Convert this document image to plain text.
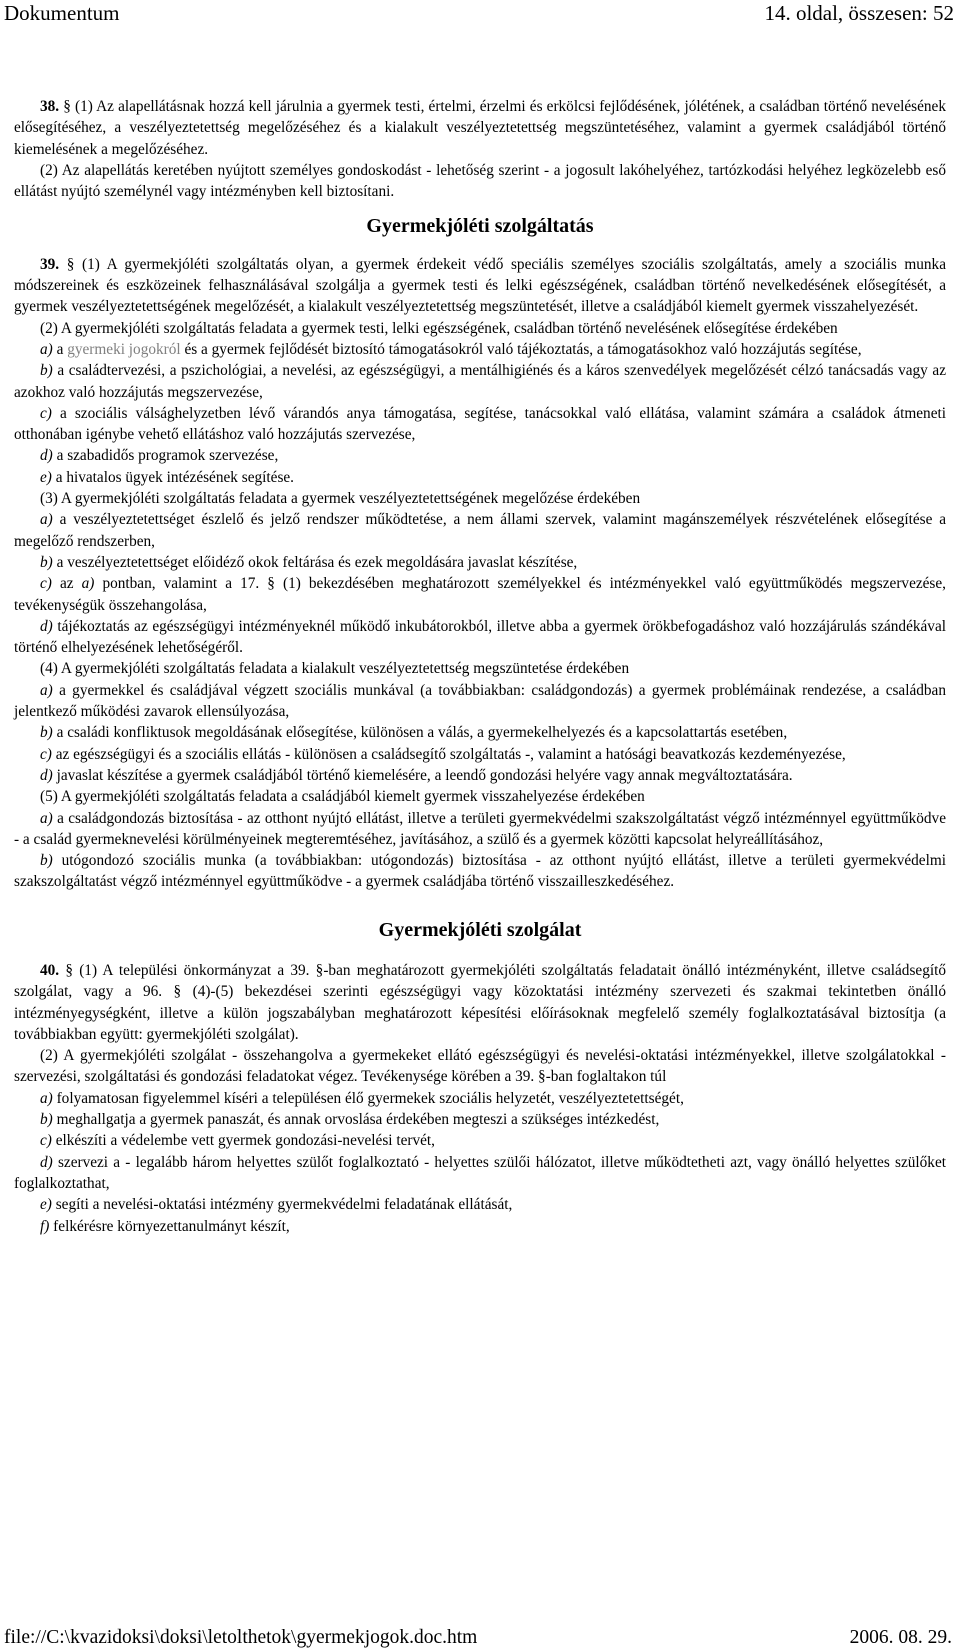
Dokumentum	14. oldal, összesen: 52

38. § (1) Az alapellátásnak hozzá kell járulnia a gyermek testi, értelmi, érzelmi és erkölcsi fejlődésének, jólétének, a családban történő nevelésének elősegítéséhez, a veszélyeztetettség megelőzéséhez és a kialakult veszélyeztetettség megszüntetéséhez, valamint a gyermek családjából történő kiemelésének a megelőzéséhez.

(2) Az alapellátás keretében nyújtott személyes gondoskodást - lehetőség szerint - a jogosult lakóhelyéhez, tartózkodási helyéhez legközelebb eső ellátást nyújtó személynél vagy intézményben kell biztosítani.

Gyermekjóléti szolgáltatás

39. § (1) A gyermekjóléti szolgáltatás olyan, a gyermek érdekeit védő speciális személyes szociális szolgáltatás, amely a szociális munka módszereinek és eszközeinek felhasználásával szolgálja a gyermek testi és lelki egészségének, családban történő nevelkedésének elősegítését, a gyermek veszélyeztetettségének megelőzését, a kialakult veszélyeztetettség megszüntetését, illetve a családjából kiemelt gyermek visszahelyezését.

(2) A gyermekjóléti szolgáltatás feladata a gyermek testi, lelki egészségének, családban történő nevelésének elősegítése érdekében

a) a gyermeki jogokról és a gyermek fejlődését biztosító támogatásokról való tájékoztatás, a támogatásokhoz való hozzájutás segítése,

b) a családtervezési, a pszichológiai, a nevelési, az egészségügyi, a mentálhigiénés és a káros szenvedélyek megelőzését célzó tanácsadás vagy az azokhoz való hozzájutás megszervezése,

c) a szociális válsághelyzetben lévő várandós anya támogatása, segítése, tanácsokkal való ellátása, valamint számára a családok átmeneti otthonában igénybe vehető ellátáshoz való hozzájutás szervezése,

d) a szabadidős programok szervezése,

e) a hivatalos ügyek intézésének segítése.

(3) A gyermekjóléti szolgáltatás feladata a gyermek veszélyeztetettségének megelőzése érdekében

a) a veszélyeztetettséget észlelő és jelző rendszer működtetése, a nem állami szervek, valamint magánszemélyek részvételének elősegítése a megelőző rendszerben,

b) a veszélyeztetettséget előidéző okok feltárása és ezek megoldására javaslat készítése,

c) az a) pontban, valamint a 17. § (1) bekezdésében meghatározott személyekkel és intézményekkel való együttműködés megszervezése, tevékenységük összehangolása,

d) tájékoztatás az egészségügyi intézményeknél működő inkubátorokból, illetve abba a gyermek örökbefogadáshoz való hozzájárulás szándékával történő elhelyezésének lehetőségéről.

(4) A gyermekjóléti szolgáltatás feladata a kialakult veszélyeztetettség megszüntetése érdekében

a) a gyermekkel és családjával végzett szociális munkával (a továbbiakban: családgondozás) a gyermek problémáinak rendezése, a családban jelentkező működési zavarok ellensúlyozása,

b) a családi konfliktusok megoldásának elősegítése, különösen a válás, a gyermekelhelyezés és a kapcsolattartás esetében,

c) az egészségügyi és a szociális ellátás - különösen a családsegítő szolgáltatás -, valamint a hatósági beavatkozás kezdeményezése,

d) javaslat készítése a gyermek családjából történő kiemelésére, a leendő gondozási helyére vagy annak megváltoztatására.

(5) A gyermekjóléti szolgáltatás feladata a családjából kiemelt gyermek visszahelyezése érdekében

a) a családgondozás biztosítása - az otthont nyújtó ellátást, illetve a területi gyermekvédelmi szakszolgáltatást végző intézménnyel együttműködve - a család gyermeknevelési körülményeinek megteremtéséhez, javításához, a szülő és a gyermek közötti kapcsolat helyreállításához,

b) utógondozó szociális munka (a továbbiakban: utógondozás) biztosítása - az otthont nyújtó ellátást, illetve a területi gyermekvédelmi szakszolgáltatást végző intézménnyel együttműködve - a gyermek családjába történő visszailleszkedéséhez.

Gyermekjóléti szolgálat

40. § (1) A települési önkormányzat a 39. §-ban meghatározott gyermekjóléti szolgáltatás feladatait önálló intézményként, illetve családsegítő szolgálat, vagy a 96. § (4)-(5) bekezdései szerinti egészségügyi vagy közoktatási intézmény szervezeti és szakmai tekintetben önálló intézményegységként, illetve a külön jogszabályban meghatározott képesítési előírásoknak megfelelő személy foglalkoztatásával biztosítja (a továbbiakban együtt: gyermekjóléti szolgálat).

(2) A gyermekjóléti szolgálat - összehangolva a gyermekeket ellátó egészségügyi és nevelési-oktatási intézményekkel, illetve szolgálatokkal - szervezési, szolgáltatási és gondozási feladatokat végez. Tevékenysége körében a 39. §-ban foglaltakon túl

a) folyamatosan figyelemmel kíséri a településen élő gyermekek szociális helyzetét, veszélyeztetettségét,

b) meghallgatja a gyermek panaszát, és annak orvoslása érdekében megteszi a szükséges intézkedést,

c) elkészíti a védelembe vett gyermek gondozási-nevelési tervét,

d) szervezi a - legalább három helyettes szülőt foglalkoztató - helyettes szülői hálózatot, illetve működtetheti azt, vagy önálló helyettes szülőket foglalkoztathat,

e) segíti a nevelési-oktatási intézmény gyermekvédelmi feladatának ellátását,

f) felkérésre környezettanulmányt készít,

file://C:\kvazidoksi\doksi\letolthetok\gyermekjogok.doc.htm	2006. 08. 29.
